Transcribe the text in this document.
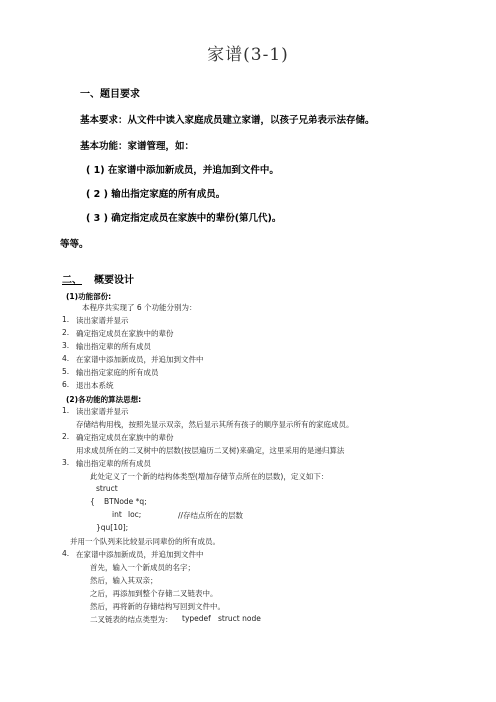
家谱(3-1)
一、题目要求
基本要求：从文件中读入家庭成员建立家谱，以孩子兄弟表示法存储。
基本功能：家谱管理，如：
( 1) 在家谱中添加新成员，并追加到文件中。
( 2 ) 输出指定家庭的所有成员。
( 3 ) 确定指定成员在家族中的辈份(第几代)。
等等。
二、 概要设计
(1)功能部份:
本程序共实现了 6 个功能分别为：
1. 读出家谱并显示
2. 确定指定成员在家族中的辈份
3. 输出指定辈的所有成员
4. 在家谱中添加新成员，并追加到文件中
5. 输出指定家庭的所有成员
6. 退出本系统
(2)各功能的算法思想:
1. 读出家谱并显示
存储结构用栈，按照先显示双亲，然后显示其所有孩子的顺序显示所有的家庭成员。
2. 确定指定成员在家族中的辈份
用求成员所在的二叉树中的层数(按层遍历二叉树)来确定，这里采用的是递归算法
3. 输出指定辈的所有成员
此处定义了一个新的结构体类型(增加存储节点所在的层数)，定义如下：
struct
{ BTNode *q;
int loc;	//存结点所在的层数
}qu[10];
并用一个队列来比较显示同辈份的所有成员。
4. 在家谱中添加新成员，并追加到文件中
首先，输入一个新成员的名字；
然后，输入其双亲；
之后，再添加到整个存储二叉链表中。
然后，再将新的存储结构写回到文件中。
二叉链表的结点类型为： typedef struct node
